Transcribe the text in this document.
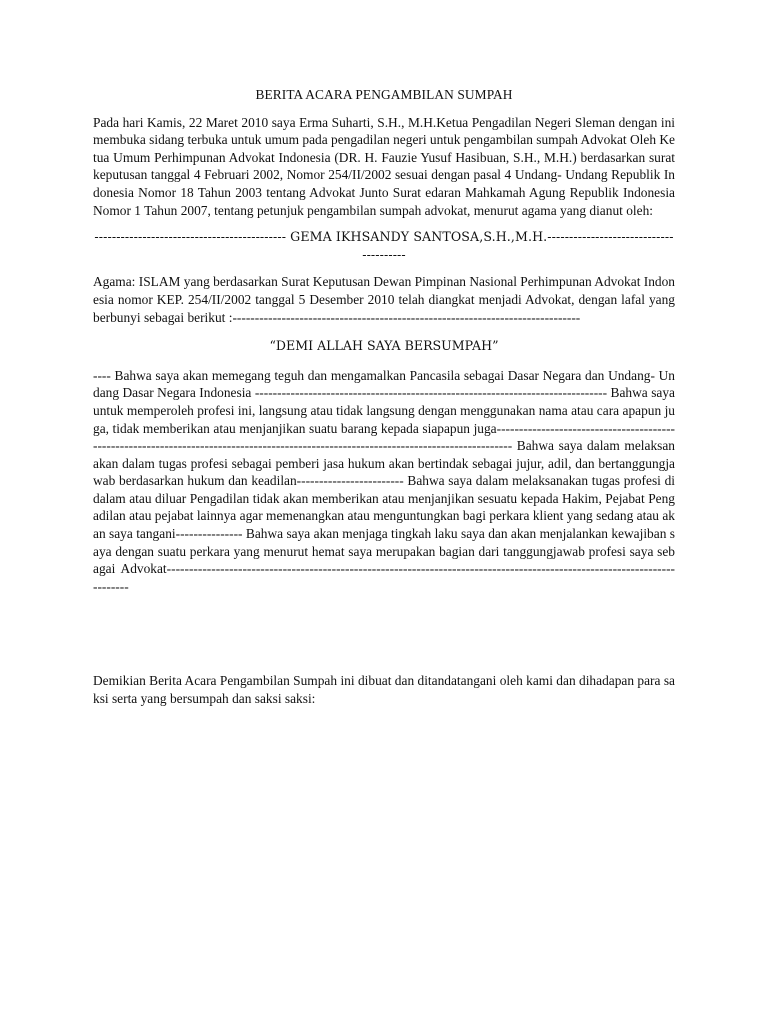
BERITA ACARA PENGAMBILAN SUMPAH

Pada hari Kamis, 22 Maret 2010 saya Erma Suharti, S.H., M.H.Ketua Pengadilan Negeri Sleman dengan ini membuka sidang terbuka untuk umum pada pengadilan negeri untuk pengambilan sumpah Advokat Oleh Ketua Umum Perhimpunan Advokat Indonesia (DR. H. Fauzie Yusuf Hasibuan, S.H., M.H.) berdasarkan surat keputusan tanggal 4 Februari 2002, Nomor 254/II/2002 sesuai dengan pasal 4 Undang- Undang Republik Indonesia Nomor 18 Tahun 2003 tentang Advokat Junto Surat edaran Mahkamah Agung Republik Indonesia Nomor 1 Tahun 2007, tentang petunjuk pengambilan sumpah advokat, menurut agama yang dianut oleh:

-------------------------------------------- GEMA IKHSANDY SANTOSA,S.H.,M.H.---------------------------------------

Agama: ISLAM yang berdasarkan Surat Keputusan Dewan Pimpinan Nasional Perhimpunan Advokat Indonesia nomor KEP. 254/II/2002 tanggal 5 Desember 2010 telah diangkat menjadi Advokat, dengan lafal yang berbunyi sebagai berikut :------------------------------------------------------------------------------

“DEMI ALLAH SAYA BERSUMPAH”

---- Bahwa saya akan memegang teguh dan mengamalkan Pancasila sebagai Dasar Negara dan Undang- Undang Dasar Negara Indonesia ------------------------------------------------------------------------------- Bahwa saya untuk memperoleh profesi ini, langsung atau tidak langsung dengan menggunakan nama atau cara apapun juga, tidak memberikan atau menjanjikan suatu barang kepada siapapun juga-------------------------------------------------------------------------------------------------------------------------------------- Bahwa saya dalam melaksanakan dalam tugas profesi sebagai pemberi jasa hukum akan bertindak sebagai jujur, adil, dan bertanggungjawab berdasarkan hukum dan keadilan------------------------ Bahwa saya dalam melaksanakan tugas profesi didalam atau diluar Pengadilan tidak akan memberikan atau menjanjikan sesuatu kepada Hakim, Pejabat Pengadilan atau pejabat lainnya agar memenangkan atau menguntungkan bagi perkara klient yang sedang atau akan saya tangani--------------- Bahwa saya akan menjaga tingkah laku saya dan akan menjalankan kewajiban saya dengan suatu perkara yang menurut hemat saya merupakan bagian dari tanggungjawab profesi saya sebagai Advokat--------------------------------------------------------------------------------------------------------------------------

Demikian Berita Acara Pengambilan Sumpah ini dibuat dan ditandatangani oleh kami dan dihadapan para saksi serta yang bersumpah dan saksi saksi:
